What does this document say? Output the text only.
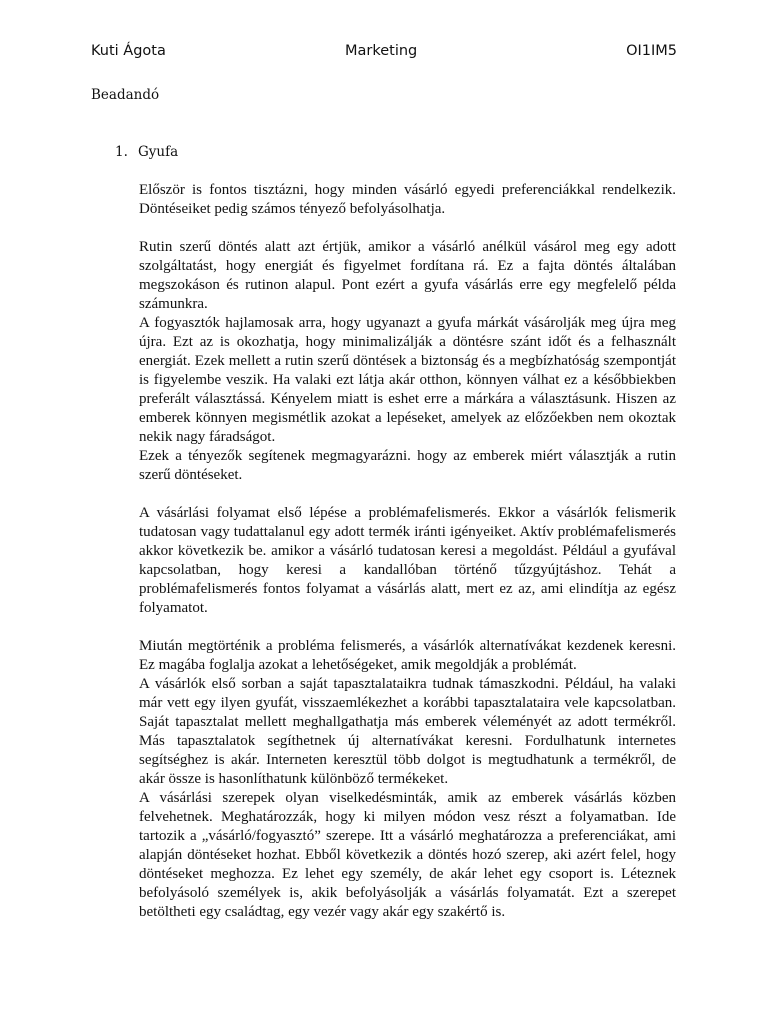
Kuti Ágota	Marketing	OI1IM5
Beadandó
1. Gyufa

Először is fontos tisztázni, hogy minden vásárló egyedi preferenciákkal rendelkezik. Döntéseiket pedig számos tényező befolyásolhatja.

Rutin szerű döntés alatt azt értjük, amikor a vásárló anélkül vásárol meg egy adott szolgáltatást, hogy energiát és figyelmet fordítana rá. Ez a fajta döntés általában megszokáson és rutinon alapul. Pont ezért a gyufa vásárlás erre egy megfelelő példa számunkra.

A fogyasztók hajlamosak arra, hogy ugyanazt a gyufa márkát vásárolják meg újra meg újra. Ezt az is okozhatja, hogy minimalizálják a döntésre szánt időt és a felhasznált energiát. Ezek mellett a rutin szerű döntések a biztonság és a megbízhatóság szempontját is figyelembe veszik. Ha valaki ezt látja akár otthon, könnyen válhat ez a későbbiekben preferált választássá. Kényelem miatt is eshet erre a márkára a választásunk. Hiszen az emberek könnyen megismétlik azokat a lepéseket, amelyek az előzőekben nem okoztak nekik nagy fáradságot.

Ezek a tényezők segítenek megmagyarázni. hogy az emberek miért választják a rutin szerű döntéseket.

A vásárlási folyamat első lépése a problémafelismerés. Ekkor a vásárlók felismerik tudatosan vagy tudattalanul egy adott termék iránti igényeiket. Aktív problémafelismerés akkor következik be. amikor a vásárló tudatosan keresi a megoldást. Például a gyufával kapcsolatban, hogy keresi a kandallóban történő tűzgyújtáshoz. Tehát a problémafelismerés fontos folyamat a vásárlás alatt, mert ez az, ami elindítja az egész folyamatot.

Miután megtörténik a probléma felismerés, a vásárlók alternatívákat kezdenek keresni. Ez magába foglalja azokat a lehetőségeket, amik megoldják a problémát.

A vásárlók első sorban a saját tapasztalataikra tudnak támaszkodni. Például, ha valaki már vett egy ilyen gyufát, visszaemlékezhet a korábbi tapasztalataira vele kapcsolatban. Saját tapasztalat mellett meghallgathatja más emberek véleményét az adott termékről. Más tapasztalatok segíthetnek új alternatívákat keresni. Fordulhatunk internetes segítséghez is akár. Interneten keresztül több dolgot is megtudhatunk a termékről, de akár össze is hasonlíthatunk különböző termékeket.

A vásárlási szerepek olyan viselkedésminták, amik az emberek vásárlás közben felvehetnek. Meghatározzák, hogy ki milyen módon vesz részt a folyamatban. Ide tartozik a „vásárló/fogyasztó” szerepe. Itt a vásárló meghatározza a preferenciákat, ami alapján döntéseket hozhat. Ebből következik a döntés hozó szerep, aki azért felel, hogy döntéseket meghozza. Ez lehet egy személy, de akár lehet egy csoport is. Léteznek befolyásoló személyek is, akik befolyásolják a vásárlás folyamatát. Ezt a szerepet betöltheti egy családtag, egy vezér vagy akár egy szakértő is.
